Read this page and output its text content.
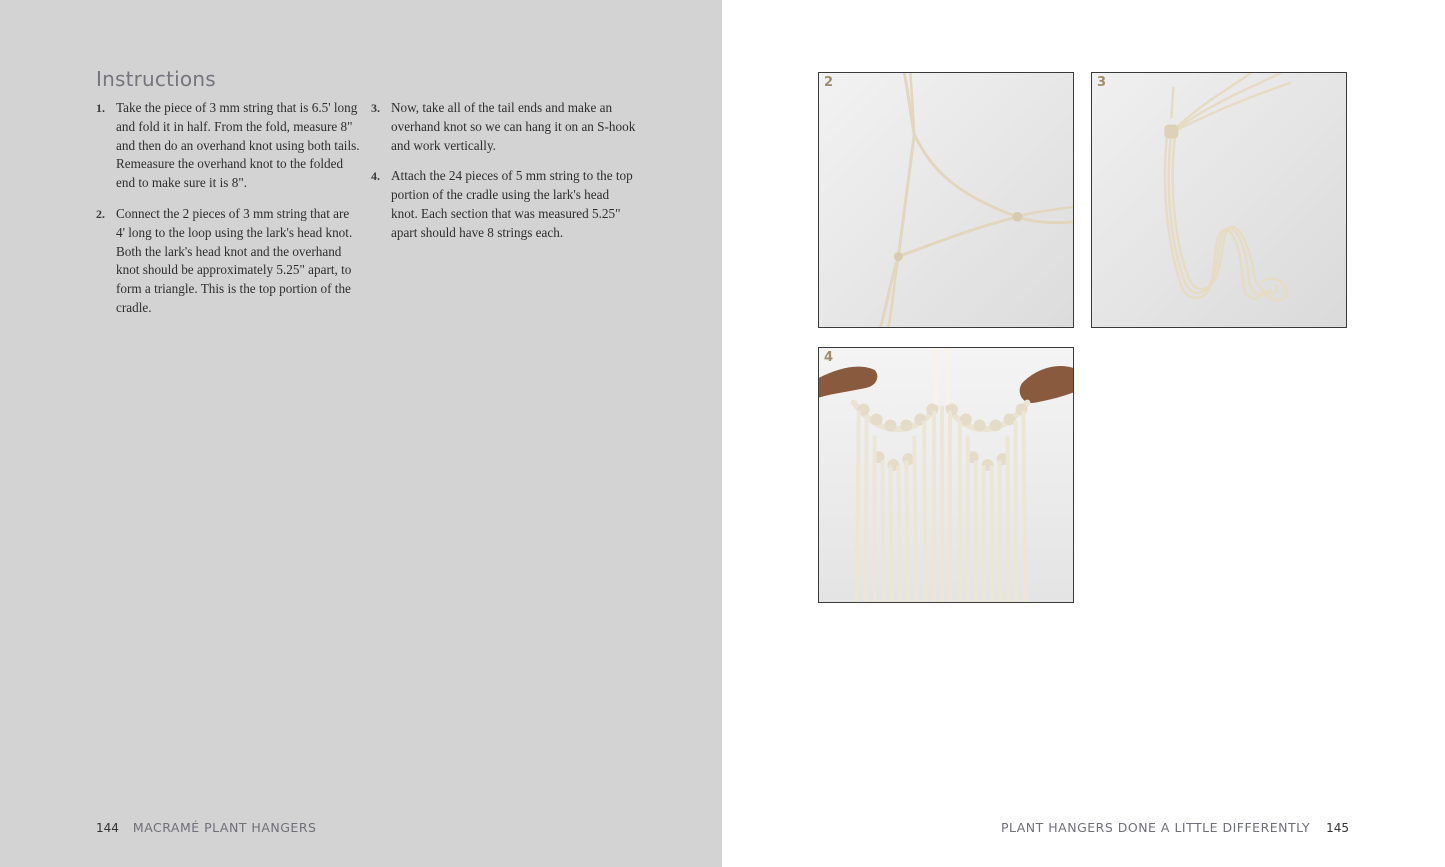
Instructions
1. Take the piece of 3 mm string that is 6.5' long and fold it in half. From the fold, measure 8" and then do an overhand knot using both tails. Remeasure the overhand knot to the folded end to make sure it is 8".
2. Connect the 2 pieces of 3 mm string that are 4' long to the loop using the lark's head knot. Both the lark's head knot and the overhand knot should be approximately 5.25" apart, to form a triangle. This is the top portion of the cradle.
3. Now, take all of the tail ends and make an overhand knot so we can hang it on an S-hook and work vertically.
4. Attach the 24 pieces of 5 mm string to the top portion of the cradle using the lark's head knot. Each section that was measured 5.25" apart should have 8 strings each.
144 MACRAMÉ PLANT HANGERS	PLANT HANGERS DONE A LITTLE DIFFERENTLY 145
2	3
4
